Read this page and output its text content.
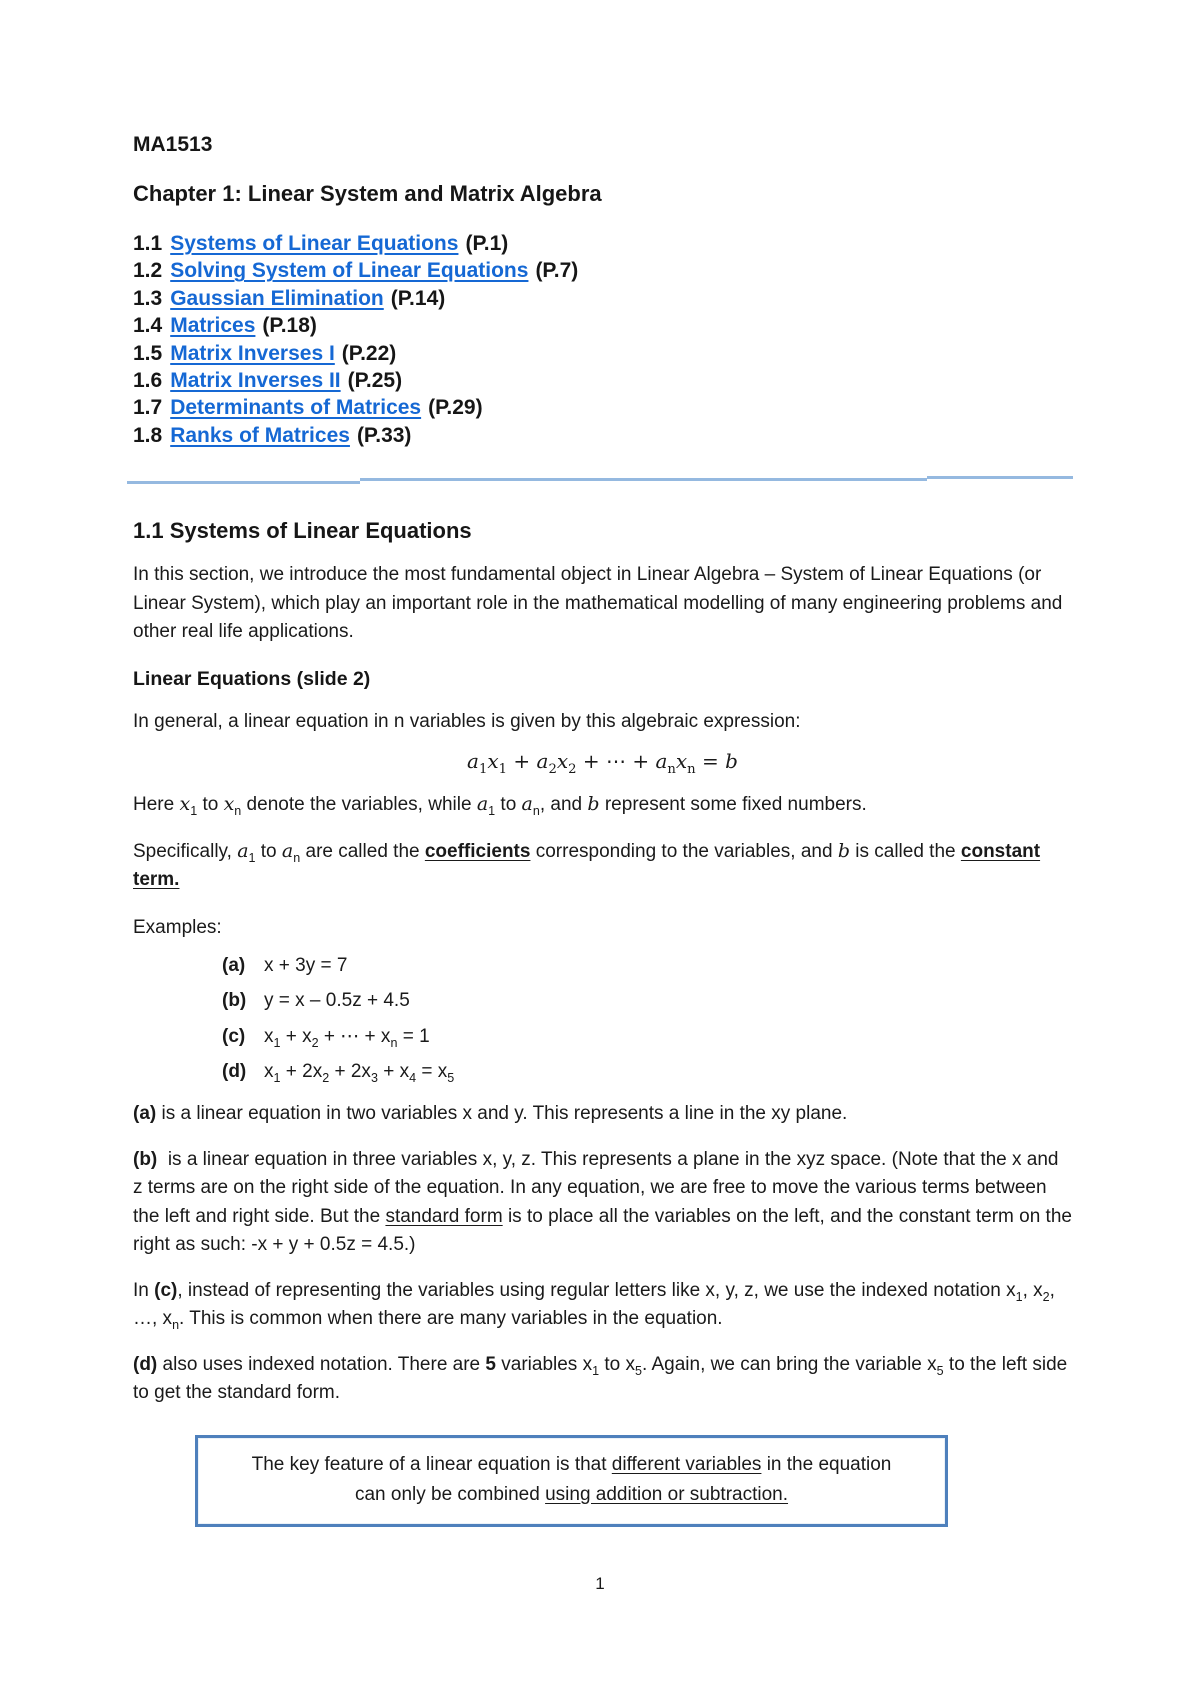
MA1513
Chapter 1: Linear System and Matrix Algebra
1.1 Systems of Linear Equations (P.1)
1.2 Solving System of Linear Equations (P.7)
1.3 Gaussian Elimination (P.14)
1.4 Matrices (P.18)
1.5 Matrix Inverses I (P.22)
1.6 Matrix Inverses II (P.25)
1.7 Determinants of Matrices (P.29)
1.8 Ranks of Matrices (P.33)
1.1 Systems of Linear Equations

In this section, we introduce the most fundamental object in Linear Algebra – System of Linear Equations (or Linear System), which play an important role in the mathematical modelling of many engineering problems and other real life applications.

Linear Equations (slide 2)

In general, a linear equation in n variables is given by this algebraic expression:

$a_1x_1 + a_2x_2$ + ⋯ + $a_nx_n = b$

Here $x_1$ to $x_n$ denote the variables, while $a_1$ to $a_n$, and b represent some fixed numbers.

Specifically, $a_1$ to $a_n$ are called the coefficients corresponding to the variables, and b is called the constant term.

Examples:

(a) x + 3y = 7
(b) y = x – 0.5z + 4.5
(c) $x_1 + x_2$ + ⋯ + $x_n = 1$
(d) $x_1 + 2x_2 + 2x_3 + x_4 = x_5$

(a) is a linear equation in two variables x and y. This represents a line in the xy plane.

(b)  is a linear equation in three variables x, y, z. This represents a plane in the xyz space. (Note that the x and z terms are on the right side of the equation. In any equation, we are free to move the various terms between the left and right side. But the standard form is to place all the variables on the left, and the constant term on the right as such: -x + y + 0.5z = 4.5.)

In (c), instead of representing the variables using regular letters like x, y, z, we use the indexed notation $x_1$, $x_2$, …, $x_n$. This is common when there are many variables in the equation.

(d) also uses indexed notation. There are 5 variables $x_1$ to $x_5$. Again, we can bring the variable $x_5$ to the left side to get the standard form.

The key feature of a linear equation is that different variables in the equation
can only be combined using addition or subtraction.
1
